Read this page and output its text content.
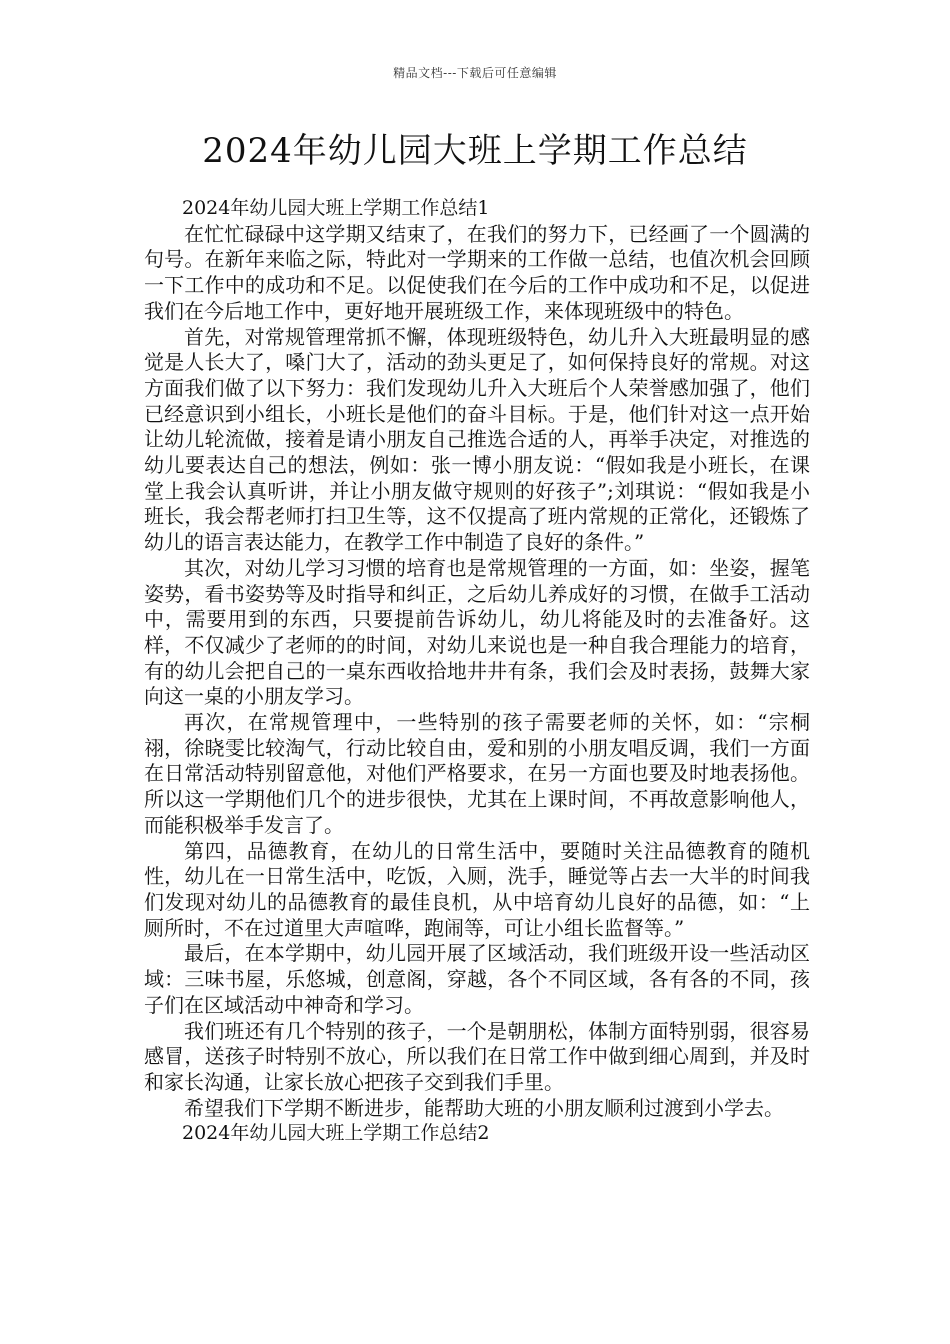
精品文档---下载后可任意编辑
2024年幼儿园大班上学期工作总结

2024年幼儿园大班上学期工作总结1

在忙忙碌碌中这学期又结束了，在我们的努力下，已经画了一个圆满的句号。在新年来临之际，特此对一学期来的工作做一总结，也值次机会回顾一下工作中的成功和不足。以促使我们在今后的工作中成功和不足，以促进我们在今后地工作中，更好地开展班级工作，来体现班级中的特色。

首先，对常规管理常抓不懈，体现班级特色，幼儿升入大班最明显的感觉是人长大了，嗓门大了，活动的劲头更足了，如何保持良好的常规。对这方面我们做了以下努力：我们发现幼儿升入大班后个人荣誉感加强了，他们已经意识到小组长，小班长是他们的奋斗目标。于是，他们针对这一点开始让幼儿轮流做，接着是请小朋友自己推选合适的人，再举手决定，对推选的幼儿要表达自己的想法，例如：张一博小朋友说：“假如我是小班长，在课堂上我会认真听讲，并让小朋友做守规则的好孩子”;刘琪说：“假如我是小班长，我会帮老师打扫卫生等，这不仅提高了班内常规的正常化，还锻炼了幼儿的语言表达能力，在教学工作中制造了良好的条件。”

其次，对幼儿学习习惯的培育也是常规管理的一方面，如：坐姿，握笔姿势，看书姿势等及时指导和纠正，之后幼儿养成好的习惯，在做手工活动中，需要用到的东西，只要提前告诉幼儿，幼儿将能及时的去准备好。这样，不仅减少了老师的的时间，对幼儿来说也是一种自我合理能力的培育，有的幼儿会把自己的一桌东西收拾地井井有条，我们会及时表扬，鼓舞大家向这一桌的小朋友学习。

再次，在常规管理中，一些特别的孩子需要老师的关怀，如：“宗桐祤，徐晓雯比较淘气，行动比较自由，爱和别的小朋友唱反调，我们一方面在日常活动特别留意他，对他们严格要求，在另一方面也要及时地表扬他。所以这一学期他们几个的进步很快，尤其在上课时间，不再故意影响他人，而能积极举手发言了。

第四，品德教育，在幼儿的日常生活中，要随时关注品德教育的随机性，幼儿在一日常生活中，吃饭，入厕，洗手，睡觉等占去一大半的时间我们发现对幼儿的品德教育的最佳良机，从中培育幼儿良好的品德，如：“上厕所时，不在过道里大声喧哗，跑闹等，可让小组长监督等。”

最后，在本学期中，幼儿园开展了区域活动，我们班级开设一些活动区域：三味书屋，乐悠城，创意阁，穿越，各个不同区域，各有各的不同，孩子们在区域活动中神奇和学习。

我们班还有几个特别的孩子，一个是朝朋松，体制方面特别弱，很容易感冒，送孩子时特别不放心，所以我们在日常工作中做到细心周到，并及时和家长沟通，让家长放心把孩子交到我们手里。

希望我们下学期不断进步，能帮助大班的小朋友顺利过渡到小学去。

2024年幼儿园大班上学期工作总结2
